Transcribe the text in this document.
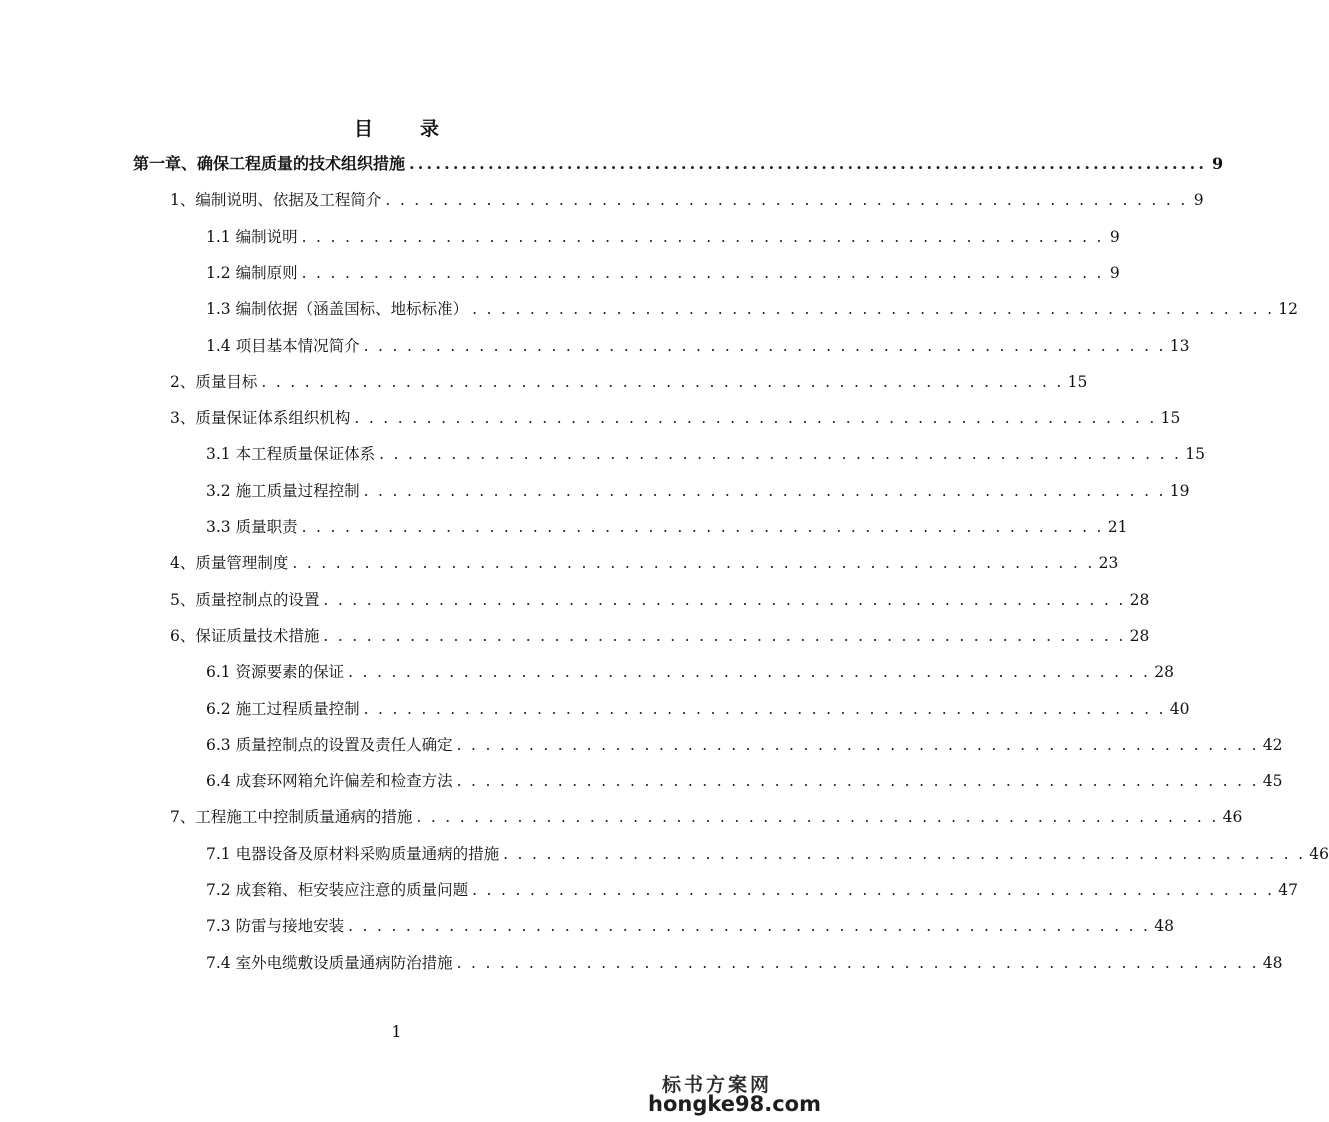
目　录
第一章、确保工程质量的技术组织措施 .....	9
1、编制说明、依据及工程简介 . . .	9
1.1 编制说明 . . .	9
1.2 编制原则 . . .	9
1.3 编制依据（涵盖国标、地标标准） . . .	12
1.4 项目基本情况简介 . . .	13
2、质量目标 . . .	15
3、质量保证体系组织机构 . . .	15
3.1 本工程质量保证体系 . . .	15
3.2 施工质量过程控制 . . .	19
3.3 质量职责 . . .	21
4、质量管理制度 . . .	23
5、质量控制点的设置 . . .	28
6、保证质量技术措施 . . .	28
6.1 资源要素的保证 . . .	28
6.2 施工过程质量控制 . . .	40
6.3 质量控制点的设置及责任人确定 . . .	42
6.4 成套环网箱允许偏差和检查方法 . . .	45
7、工程施工中控制质量通病的措施 . . .	46
7.1 电器设备及原材料采购质量通病的措施 . . .	46
7.2 成套箱、柜安装应注意的质量问题 . . .	47
7.3 防雷与接地安装 . . .	48
7.4 室外电缆敷设质量通病防治措施 . . .	48
1
标书方案网
hongke98.com
